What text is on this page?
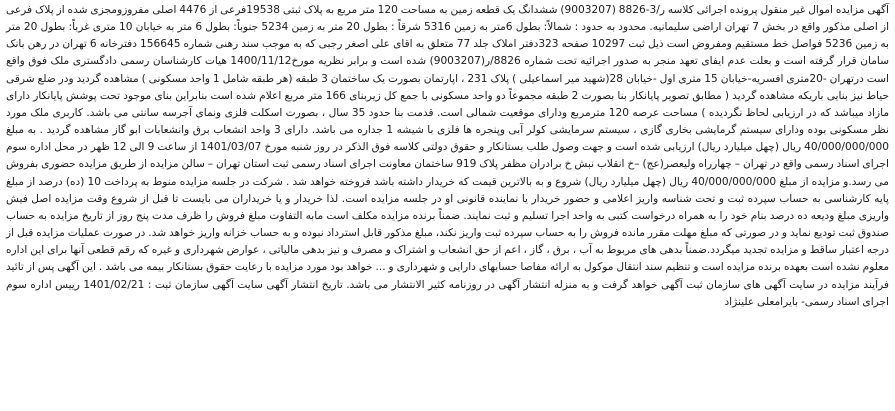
آگهی مزایده اموال غیر منقول پرونده اجرائی کلاسه ر/3-8826 (9003207) ششدانگ یک قطعه زمین به مساحت 120 متر مربع به پلاک ثبتی 19538فرعی از 4476 اصلی مفروزومجزی شده از پلاک فرعی از اصلی مذکور واقع در بخش 7 تهران اراضی سلیمانیه. محدود به حدود : شمالاً: بطول 6متر به زمین 5316 شرقاً : بطول 20 متر به زمین 5234 جنوباً: بطول 6 متر به خیابان 10 متری غرباً: بطول 20 متر به زمین 5236 فواصل خط مستقیم ومفروض است ذیل ثبت 10297 صفحه 323دفتر املاک جلد 77 متعلق به اقای علی اصغر رجبی که به موجب سند رهنی شماره 156645 دفترخانه 6 تهران در رهن بانک سامان قرار گرفته است و بعلت عدم ایفای تعهد منجر به صدور اجرائیه تحت شماره 8826/ر(9003207) شده است و برابر نظریه مورخ1400/11/12 هیات کارشناسان رسمی دادگستری ملک فوق واقع است درتهران -20متری افسریه-خیابان 15 متری اول -خیابان 28(شهید میر اسماعیلی ) پلاک 231 ، اپارتمان بصورت یک ساختمان 3 طبقه (هر طبقه شامل 1 واحد مسکونی ) مشاهده گردید ودر ضلع شرقی حیاط نیز بنایی باریکه مشاهده گردید ( مطابق تصویر پایانکار بنا بصورت 2 طبقه مجموعاً دو واحد مسکونی با جمع کل زیربنای 166 متر مربع اعلام شده است بنابراین بنای موجود تحت پوشش پایانکار دارای مازاد میباشد که در ارزیابی لحاظ نگردیده ) مساحت عرصه 120 مترمربع ودارای موقعیت شمالی است. قدمت بنا حدود 35 سال ، بصورت اسکلت فلزی ونمای آجرسه سانتی می باشد. کاربری ملک مورد نظر مسکونی بوده ودارای سیستم گرمایشی بخاری گازی ، سیستم سرمایشی کولر آبی وپنجره ها فلزی با شیشه 1 جداره می باشد. دارای 3 واحد انشعاب برق وانشعابات ابو گاز مشاهده گردید . به مبلغ 40/000/000/000 ریال (چهل میلیارد ریال) ارزیابی شده است و جهت وصول طلب بستانکار و حقوق دولتی کلاسه فوق الذکر در روز شنبه مورخ 1401/03/07 از ساعت 9 الی 12 ظهر در محل اداره سوم اجرای اسناد رسمی واقع در تهران – چهارراه ولیعصر(عج) –خ انقلاب نبش خ برادران مظفر پلاک 919 ساختمان معاونت اجرای اسناد رسمی ثبت استان تهران – سالن مزایده از طریق مزایده حضوری بفروش می رسد.و مزایده از مبلغ 40/000/000/000 ریال (چهل میلیارد ریال) شروع و به بالاترین قیمت که خریدار داشته باشد فروخته خواهد شد . شرکت در جلسه مزایده منوط به پرداخت 10 (ده) درصد از مبلغ پایه کارشناسی به حساب سپرده ثبت و تحت شناسه واریز اعلامی و حضور خریدار یا نماینده قانونی او در جلسه مزایده است. لذا خریدار و یا خریداران می بایست تا قبل از شروع وقت مزایده اصل فیش واریزی مبلغ ودیعه ده درصد بنام خود را به همراه درخواست کتبی به واحد اجرا تسلیم و ثبت نمایند. ضمناً برنده مزایده مکلف است مابه التفاوت مبلغ فروش را ظرف مدت پنج روز از تاریخ مزایده به حساب صندوق ثبت تودیع نماید و در صورتی که مبلغ مهلت مقرر مانده فروش را به حساب سپرده ثبت واریز نکند، مبلغ مذکور قابل استرداد نبوده و به حساب خزانه واریز خواهد شد. در صورت عملیات مزایده قبل از درجه اعتبار ساقط و مزایده تجدید میگردد.ضمناً بدهی های مربوط به آب ، برق ، گاز ، اعم از حق انشعاب و اشتراک و مصرف و نیز بدهی مالیاتی ، عوارض شهرداری و غیره که رقم قطعی آنها برای این اداره معلوم نشده است بعهده برنده مزایده است و تنظیم سند انتقال موکول به ارائه مفاصا حسابهای دارایی و شهرداری و ... خواهد بود مورد مزایده با رعایت حقوق بستانکار بیمه می باشد . این آگهی پس از تائید فرآیند مزایده در سایت آگهی های سازمان ثبت آگهی خواهد گرفت و به منزله انتشار آگهی در روزنامه کثیر الانتشار می باشد. تاریخ انتشار آگهی سایت آگهی سازمان ثبت : 1401/02/21 رییس اداره سوم اجرای اسناد رسمی- بایرامعلی علینژاد
